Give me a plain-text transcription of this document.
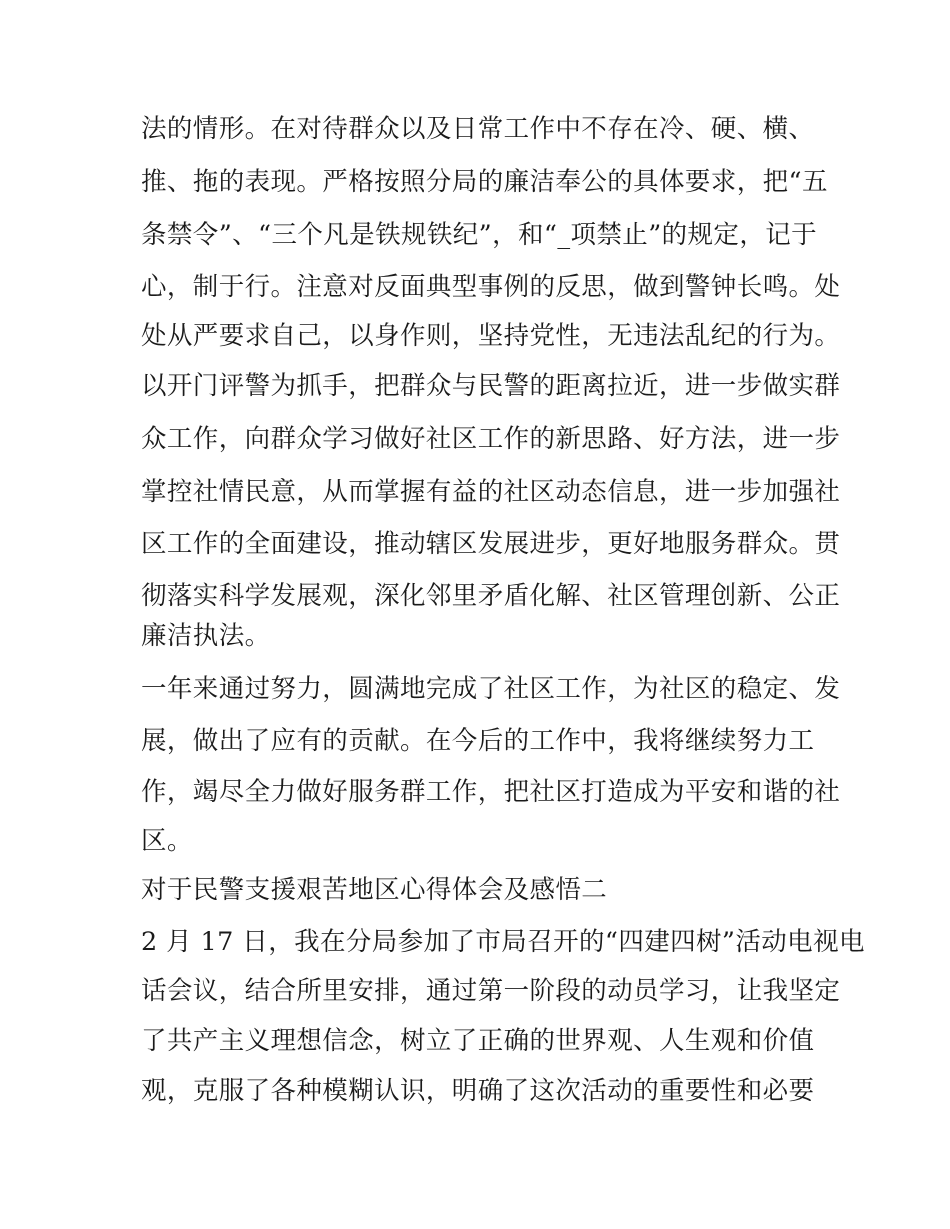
法的情形。在对待群众以及日常工作中不存在冷、硬、横、
推、拖的表现。严格按照分局的廉洁奉公的具体要求，把“五
条禁令”、“三个凡是铁规铁纪”，和“_项禁止”的规定，记于
心，制于行。注意对反面典型事例的反思，做到警钟长鸣。处
处从严要求自己，以身作则，坚持党性，无违法乱纪的行为。
以开门评警为抓手，把群众与民警的距离拉近，进一步做实群
众工作，向群众学习做好社区工作的新思路、好方法，进一步
掌控社情民意，从而掌握有益的社区动态信息，进一步加强社
区工作的全面建设，推动辖区发展进步，更好地服务群众。贯
彻落实科学发展观，深化邻里矛盾化解、社区管理创新、公正
廉洁执法。
一年来通过努力，圆满地完成了社区工作，为社区的稳定、发
展，做出了应有的贡献。在今后的工作中，我将继续努力工
作，竭尽全力做好服务群工作，把社区打造成为平安和谐的社
区。
对于民警支援艰苦地区心得体会及感悟二
2 月 17 日，我在分局参加了市局召开的“四建四树”活动电视电
话会议，结合所里安排，通过第一阶段的动员学习，让我坚定
了共产主义理想信念，树立了正确的世界观、人生观和价值
观，克服了各种模糊认识，明确了这次活动的重要性和必要
